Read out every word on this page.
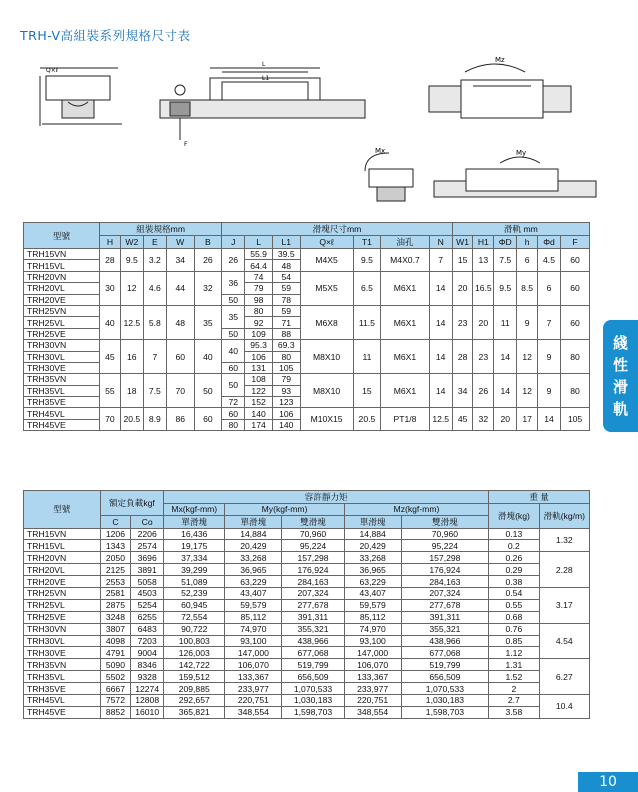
TRH-V高組裝系列規格尺寸表
Q×ℓ
L
L1
F
Mz
Mx	My
型號	組裝規格mm					滑塊尺寸mm							滑軌 mm					
	H	W2	E	W	B	J	L	L1	Q×ℓ	T1	油孔	N	W1	H1	ΦD	h	Φd	F
TRH15VN	28	9.5	3.2	34	26	26	55.9	39.5	M4X5	9.5	M4X0.7	7	15	13	7.5	6	4.5	60
TRH15VL							64.4	48										
TRH20VN	30	12	4.6	44	32	36	74	54	M5X5	6.5	M6X1	14	20	16.5	9.5	8.5	6	60
TRH20VL							79	59										
TRH20VE						50	98	78										
TRH25VN	40	12.5	5.8	48	35	35	80	59	M6X8	11.5	M6X1	14	23	20	11	9	7	60
TRH25VL							92	71										
TRH25VE						50	109	88										
TRH30VN	45	16	7	60	40	40	95.3	69.3	M8X10	11	M6X1	14	28	23	14	12	9	80
TRH30VL							106	80										
TRH30VE						60	131	105										
TRH35VN	55	18	7.5	70	50	50	108	79	M8X10	15	M6X1	14	34	26	14	12	9	80
TRH35VL							122	93										
TRH35VE						72	152	123										
TRH45VL	70	20.5	8.9	86	60	60	140	106	M10X15	20.5	PT1/8	12.5	45	32	20	17	14	105
TRH45VE						80	174	140										
型號	額定負載kgf		容許靜力矩					重 量	
			Mx(kgf-mm)	My(kgf-mm)		Mz(kgf-mm)		滑塊(kg)	滑軌(kg/m)
	C	Co	單滑塊	單滑塊	雙滑塊	單滑塊	雙滑塊		
TRH15VN	1206	2206	16,436	14,884	70,960	14,884	70,960	0.13	1.32
TRH15VL	1343	2574	19,175	20,429	95,224	20,429	95,224	0.2	
TRH20VN	2050	3696	37,334	33,268	157,298	33,268	157,298	0.26	2.28
TRH20VL	2125	3891	39,299	36,965	176,924	36,965	176,924	0.29	
TRH20VE	2553	5058	51,089	63,229	284,163	63,229	284,163	0.38	
TRH25VN	2581	4503	52,239	43,407	207,324	43,407	207,324	0.54	3.17
TRH25VL	2875	5254	60,945	59,579	277,678	59,579	277,678	0.55	
TRH25VE	3248	6255	72,554	85,112	391,311	85,112	391,311	0.68	
TRH30VN	3807	6483	90,722	74,970	355,321	74,970	355,321	0.76	4.54
TRH30VL	4098	7203	100,803	93,100	438,966	93,100	438,966	0.85	
TRH30VE	4791	9004	126,003	147,000	677,068	147,000	677,068	1.12	
TRH35VN	5090	8346	142,722	106,070	519,799	106,070	519,799	1.31	6.27
TRH35VL	5502	9328	159,512	133,367	656,509	133,367	656,509	1.52	
TRH35VE	6667	12274	209,885	233,977	1,070,533	233,977	1,070,533	2	
TRH45VL	7572	12808	292,657	220,751	1,030,183	220,751	1,030,183	2.7	10.4
TRH45VE	8852	16010	365,821	348,554	1,598,703	348,554	1,598,703	3.58	
綫
性
滑
軌
10
